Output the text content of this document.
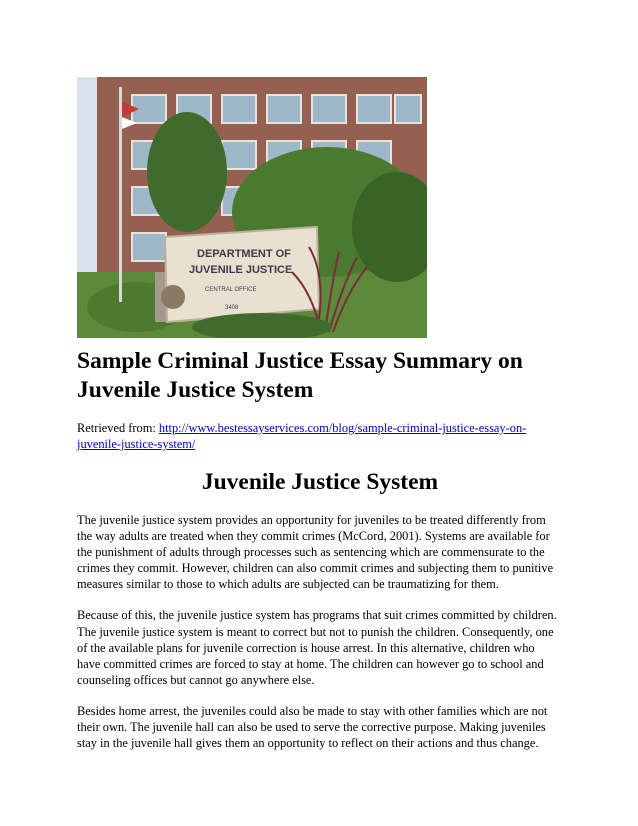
DEPARTMENT OF
JUVENILE JUSTICE
CENTRAL OFFICE
3408
Sample Criminal Justice Essay Summary on Juvenile Justice System
Retrieved from: http://www.bestessayservices.com/blog/sample-criminal-justice-essay-on-juvenile-justice-system/
Juvenile Justice System

The juvenile justice system provides an opportunity for juveniles to be treated differently from the way adults are treated when they commit crimes (McCord, 2001). Systems are available for the punishment of adults through processes such as sentencing which are commensurate to the crimes they commit. However, children can also commit crimes and subjecting them to punitive measures similar to those to which adults are subjected can be traumatizing for them.

Because of this, the juvenile justice system has programs that suit crimes committed by children. The juvenile justice system is meant to correct but not to punish the children. Consequently, one of the available plans for juvenile correction is house arrest. In this alternative, children who have committed crimes are forced to stay at home. The children can however go to school and counseling offices but cannot go anywhere else.

Besides home arrest, the juveniles could also be made to stay with other families which are not their own. The juvenile hall can also be used to serve the corrective purpose. Making juveniles stay in the juvenile hall gives them an opportunity to reflect on their actions and thus change.
